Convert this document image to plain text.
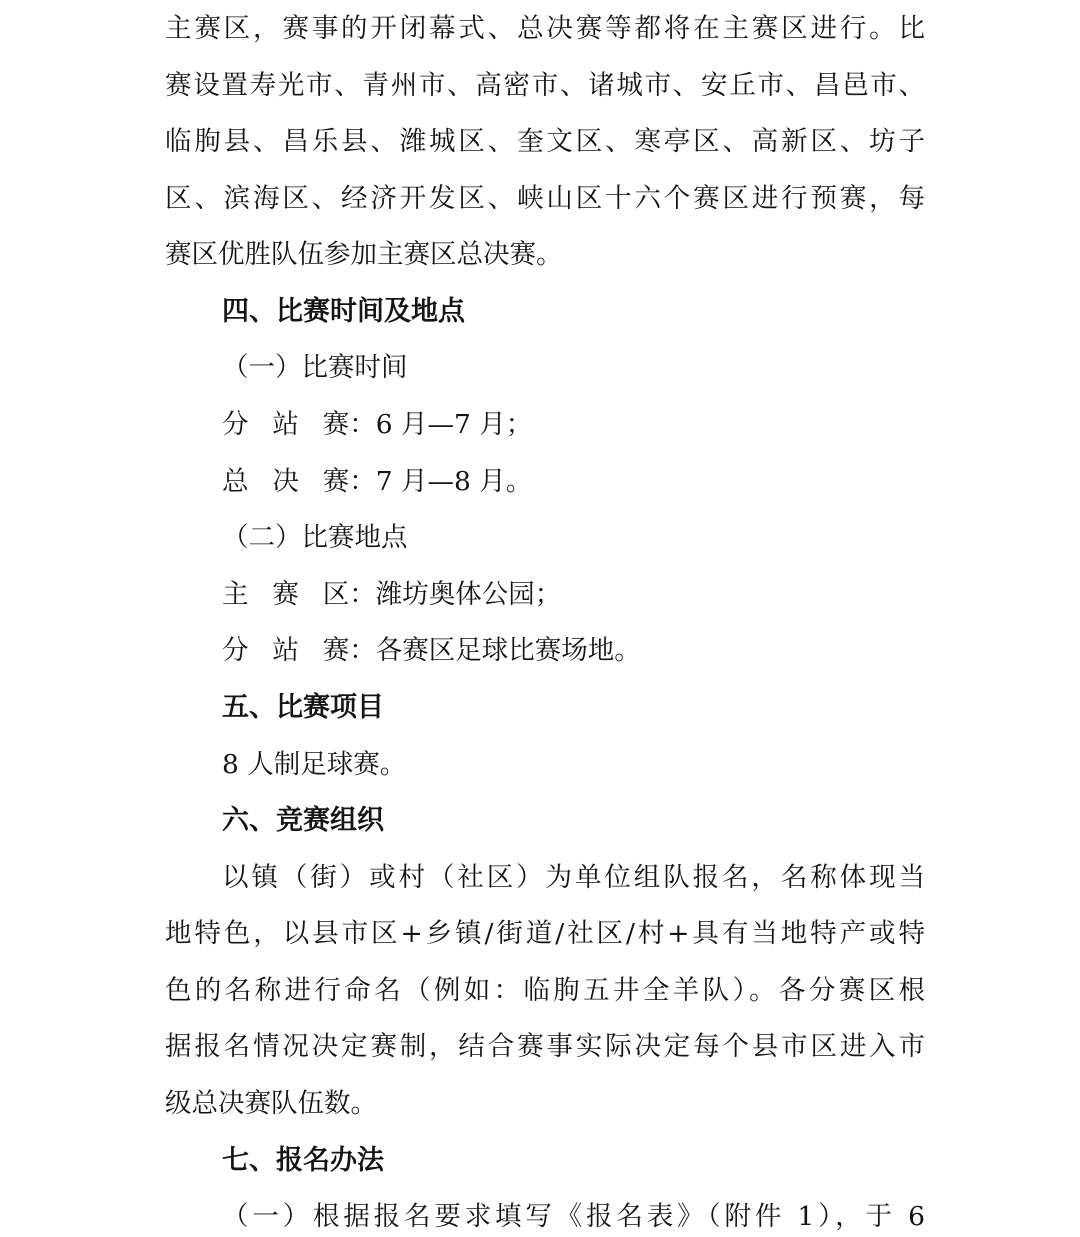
主赛区，赛事的开闭幕式、总决赛等都将在主赛区进行。比
赛设置寿光市、青州市、高密市、诸城市、安丘市、昌邑市、
临朐县、昌乐县、潍城区、奎文区、寒亭区、高新区、坊子
区、滨海区、经济开发区、峡山区十六个赛区进行预赛，每
赛区优胜队伍参加主赛区总决赛。
四、比赛时间及地点
（一）比赛时间
分站赛：6 月—7 月；
总决赛：7 月—8 月。
（二）比赛地点
主赛区：潍坊奥体公园；
分站赛：各赛区足球比赛场地。
五、比赛项目
8 人制足球赛。
六、竞赛组织
以镇（街）或村（社区）为单位组队报名，名称体现当
地特色，以县市区+乡镇/街道/社区/村+具有当地特产或特
色的名称进行命名（例如：临朐五井全羊队）。各分赛区根
据报名情况决定赛制，结合赛事实际决定每个县市区进入市
级总决赛队伍数。
七、报名办法
（一）根据报名要求填写《报名表》（附件 1），于 6
